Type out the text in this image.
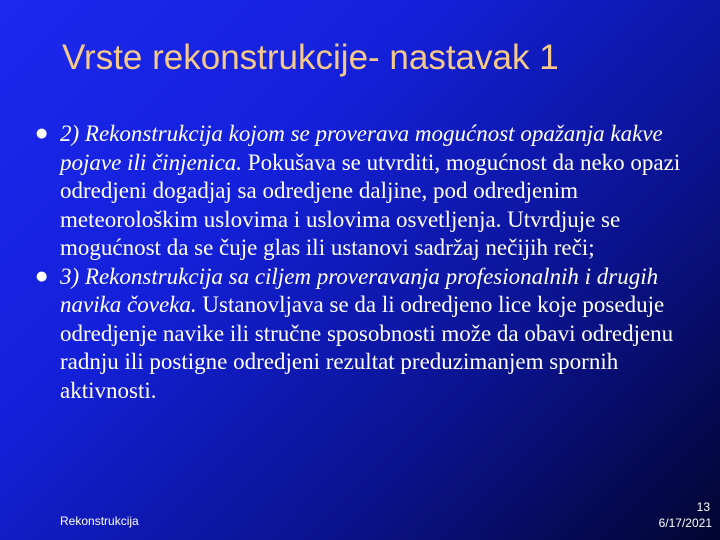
Vrste rekonstrukcije- nastavak 1
● 2) Rekonstrukcija kojom se proverava mogućnost opažanja kakve pojave ili činjenica. Pokušava se utvrditi, mogućnost da neko opazi odredjeni dogadjaj sa odredjene daljine, pod odredjenim meteorološkim uslovima i uslovima osvetljenja. Utvrdjuje se mogućnost da se čuje glas ili ustanovi sadržaj nečijih reči;
● 3) Rekonstrukcija sa ciljem proveravanja profesionalnih i drugih navika čoveka. Ustanovljava se da li odredjeno lice koje poseduje odredjenje navike ili stručne sposobnosti može da obavi odredjenu radnju ili postigne odredjeni rezultat preduzimanjem spornih aktivnosti.
Rekonstrukcija
13
6/17/2021
